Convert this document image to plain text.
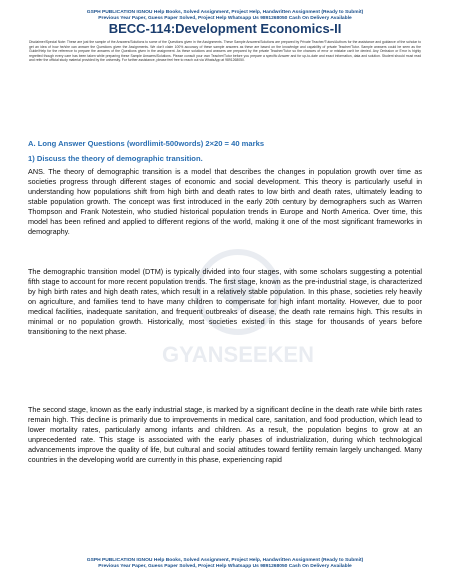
GSPH PUBLICATION IGNOU Help Books, Solved Assignment, Project Help, Handwritten Assignment (Ready to Submit)
Previous Year Paper, Guess Paper Solved, Project Help Whatsapp Us 9891268050 Cash On Delivery Available
BECC-114:Development Economics-II
Disclaimer/Special Note: These are just the sample of the Answers/Solutions to some of the Questions given in the Assignments. These Sample Answers/Solutions are prepared by Private Teacher/Tutors/Authors for the assistance and guidance of the scholar to get an idea of how he/she can answer the Questions given the Assignments. We don't claim 100% accuracy of these sample answers as these are based on the knowledge and capability of private Teacher/Tutor. Sample answers could be seen as the Guide/Help for the reference to prepare the answers of the Questions given in the assignment. As these solutions and answers are prepared by the private Teacher/Tutor so the chances of error or mistake can't be denied. Any Omission or Error is highly regretted though every care has been taken while preparing these Sample Answers/Solutions. Please consult your own Teacher/Tutor before you prepare a specific Answer and for up-to-date and exact information, data and solution. Student should must read and refer the official study material provided by the university. For further assistance, please feel free to reach out via WhatsApp at 9891268050.
A. Long Answer Questions (wordlimit-500words) 2×20 = 40 marks
1) Discuss the theory of demographic transition.
GYANSEEKEN

ANS. The theory of demographic transition is a model that describes the changes in population growth over time as societies progress through different stages of economic and social development. This theory is particularly useful in understanding how populations shift from high birth and death rates to low birth and death rates, ultimately leading to stable population growth. The concept was first introduced in the early 20th century by demographers such as Warren Thompson and Frank Notestein, who studied historical population trends in Europe and North America. Over time, this model has been refined and applied to different regions of the world, making it one of the most significant frameworks in demography.

The demographic transition model (DTM) is typically divided into four stages, with some scholars suggesting a potential fifth stage to account for more recent population trends. The first stage, known as the pre-industrial stage, is characterized by high birth rates and high death rates, which result in a relatively stable population. In this phase, societies rely heavily on agriculture, and families tend to have many children to compensate for high infant mortality. However, due to poor medical facilities, inadequate sanitation, and frequent outbreaks of disease, the death rate remains high. This results in minimal or no population growth. Historically, most societies existed in this stage for thousands of years before transitioning to the next phase.

The second stage, known as the early industrial stage, is marked by a significant decline in the death rate while birth rates remain high. This decline is primarily due to improvements in medical care, sanitation, and food production, which lead to lower mortality rates, particularly among infants and children. As a result, the population begins to grow at an unprecedented rate. This stage is associated with the early phases of industrialization, during which technological advancements improve the quality of life, but cultural and social attitudes toward fertility remain largely unchanged. Many countries in the developing world are currently in this phase, experiencing rapid

GSPH PUBLICATION IGNOU Help Books, Solved Assignment, Project Help, Handwritten Assignment (Ready to Submit)
Previous Year Paper, Guess Paper Solved, Project Help Whatsapp Us 9891268050 Cash On Delivery Available
